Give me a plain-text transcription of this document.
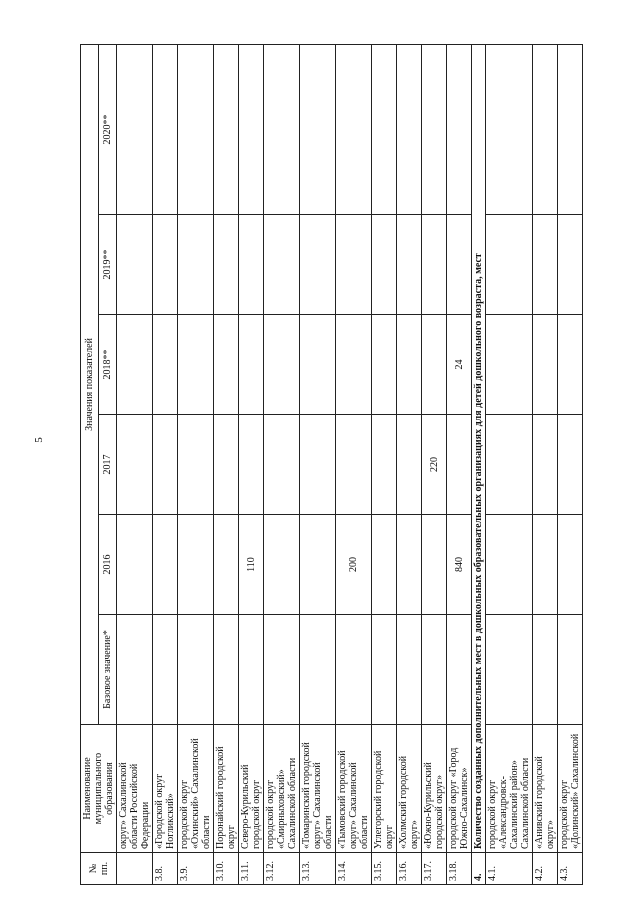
5
№ пп.	Наименование муниципального образования	Значения показателей					
		Базовое значение*	2016	2017	2018**	2019**	2020**
	округ» Сахалинской области Российской Федерации						
3.8.	«Городской округ Ногликский»						
3.9.	городской округ «Охинский» Сахалинской области						
3.10.	Поронайский городской округ						
3.11.	Северо-Курильский городской округ		110				
3.12.	городской округ «Смирныховский» Сахалинской области						
3.13.	«Томаринский городской округ» Сахалинской области						
3.14.	«Тымовский городской округ» Сахалинской области		200				
3.15.	Углегорский городской округ						
3.16.	«Холмский городской округ»						
3.17.	«Южно-Курильский городской округ»			220			
3.18.	городской округ «Город Южно-Сахалинск»		840		24		
4.	Количество созданных дополнительных мест в дошкольных образовательных организациях для детей дошкольного возраста, мест						
4.1.	городской округ «Александровск-Сахалинский район» Сахалинской области						
4.2.	«Анивский городской округ»						
4.3.	городской округ «Долинский» Сахалинской						
